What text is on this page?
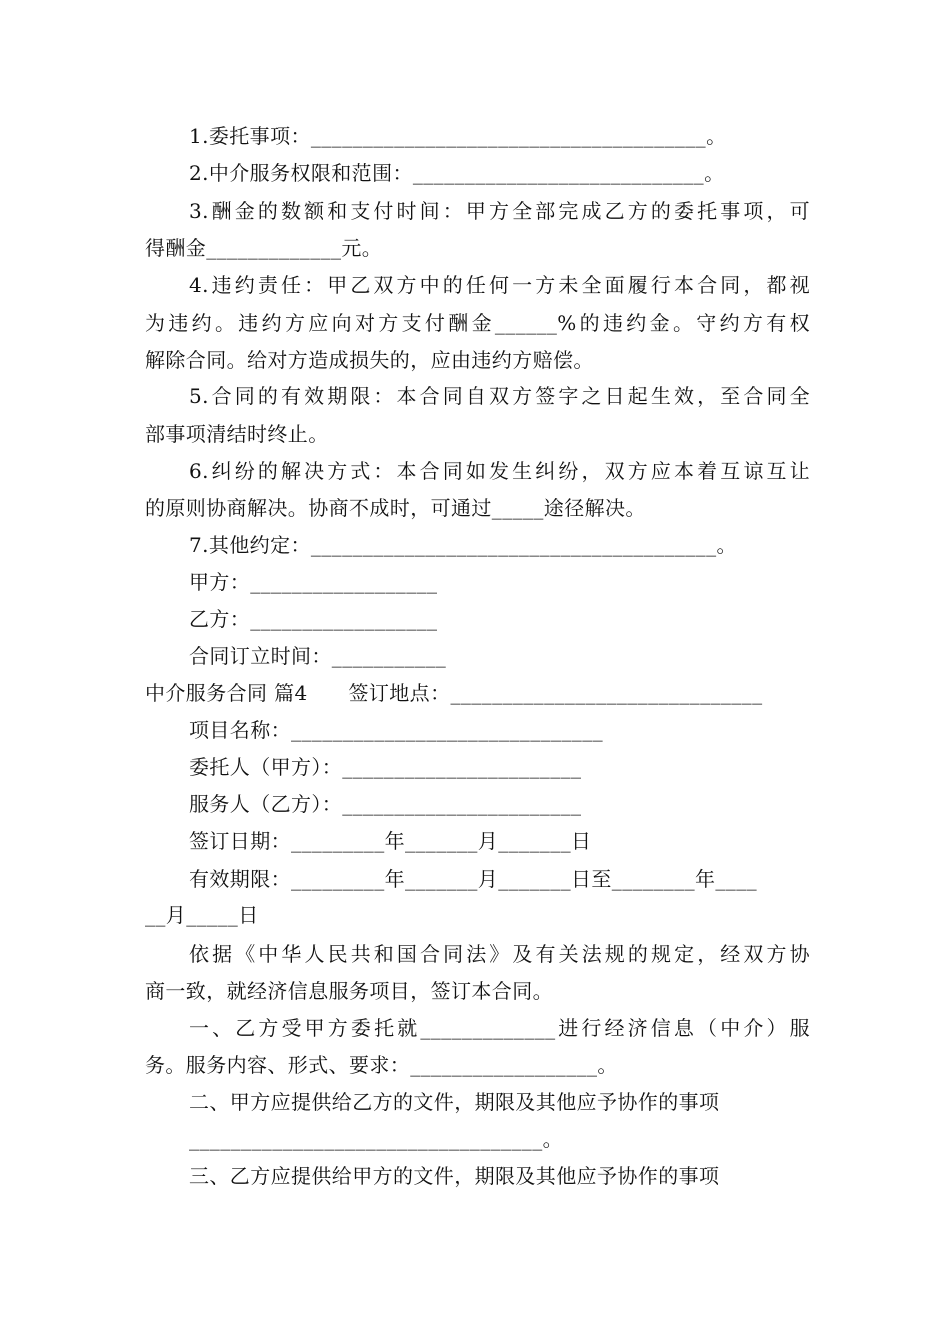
1.委托事项：______________________________________。
2.中介服务权限和范围：____________________________。
3.酬金的数额和支付时间：甲方全部完成乙方的委托事项，可
得酬金_____________元。
4.违约责任：甲乙双方中的任何一方未全面履行本合同，都视
为违约。违约方应向对方支付酬金______%的违约金。守约方有权
解除合同。给对方造成损失的，应由违约方赔偿。
5.合同的有效期限：本合同自双方签字之日起生效，至合同全
部事项清结时终止。
6.纠纷的解决方式：本合同如发生纠纷，双方应本着互谅互让
的原则协商解决。协商不成时，可通过_____途径解决。
7.其他约定：_______________________________________。
甲方：__________________
乙方：__________________
合同订立时间：___________
中介服务合同 篇4　　签订地点：______________________________
项目名称：______________________________
委托人（甲方）：_______________________
服务人（乙方）：_______________________
签订日期：_________年_______月_______日
有效期限：_________年_______月_______日至________年____
__月_____日
依据《中华人民共和国合同法》及有关法规的规定，经双方协
商一致，就经济信息服务项目，签订本合同。
一、乙方受甲方委托就_____________进行经济信息（中介）服
务。服务内容、形式、要求：__________________。
二、甲方应提供给乙方的文件，期限及其他应予协作的事项
__________________________________。
三、乙方应提供给甲方的文件，期限及其他应予协作的事项
